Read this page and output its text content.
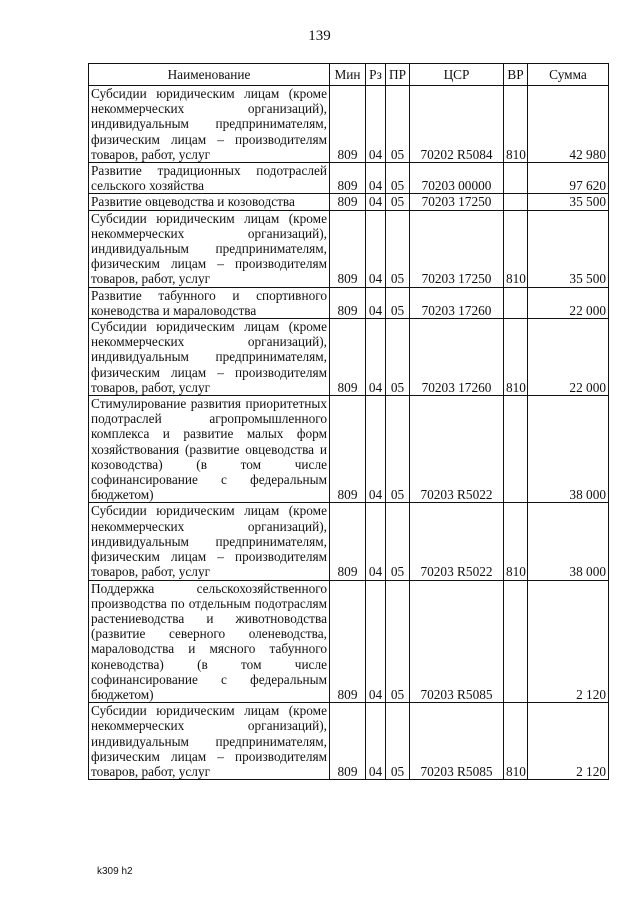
139
Наименование	Мин	Рз	ПР	ЦСР	ВР	Сумма
Субсидии юридическим лицам (кроме некоммерческих организаций), индивидуальным предпринимателям, физическим лицам – производителям товаров, работ, услуг	809	04	05	70202 R5084	810	42 980
Развитие традиционных подотраслей сельского хозяйства	809	04	05	70203 00000		97 620
Развитие овцеводства и козоводства	809	04	05	70203 17250		35 500
Субсидии юридическим лицам (кроме некоммерческих организаций), индивидуальным предпринимателям, физическим лицам – производителям товаров, работ, услуг	809	04	05	70203 17250	810	35 500
Развитие табунного и спортивного коневодства и мараловодства	809	04	05	70203 17260		22 000
Субсидии юридическим лицам (кроме некоммерческих организаций), индивидуальным предпринимателям, физическим лицам – производителям товаров, работ, услуг	809	04	05	70203 17260	810	22 000
Стимулирование развития приоритетных подотраслей агропромышленного комплекса и развитие малых форм хозяйствования (развитие овцеводства и козоводства) (в том числе софинансирование с федеральным бюджетом)	809	04	05	70203 R5022		38 000
Субсидии юридическим лицам (кроме некоммерческих организаций), индивидуальным предпринимателям, физическим лицам – производителям товаров, работ, услуг	809	04	05	70203 R5022	810	38 000
Поддержка сельскохозяйственного производства по отдельным подотраслям растениеводства и животноводства (развитие северного оленеводства, мараловодства и мясного табунного коневодства) (в том числе софинансирование с федеральным бюджетом)	809	04	05	70203 R5085		2 120
Субсидии юридическим лицам (кроме некоммерческих организаций), индивидуальным предпринимателям, физическим лицам – производителям товаров, работ, услуг	809	04	05	70203 R5085	810	2 120
k309 h2
